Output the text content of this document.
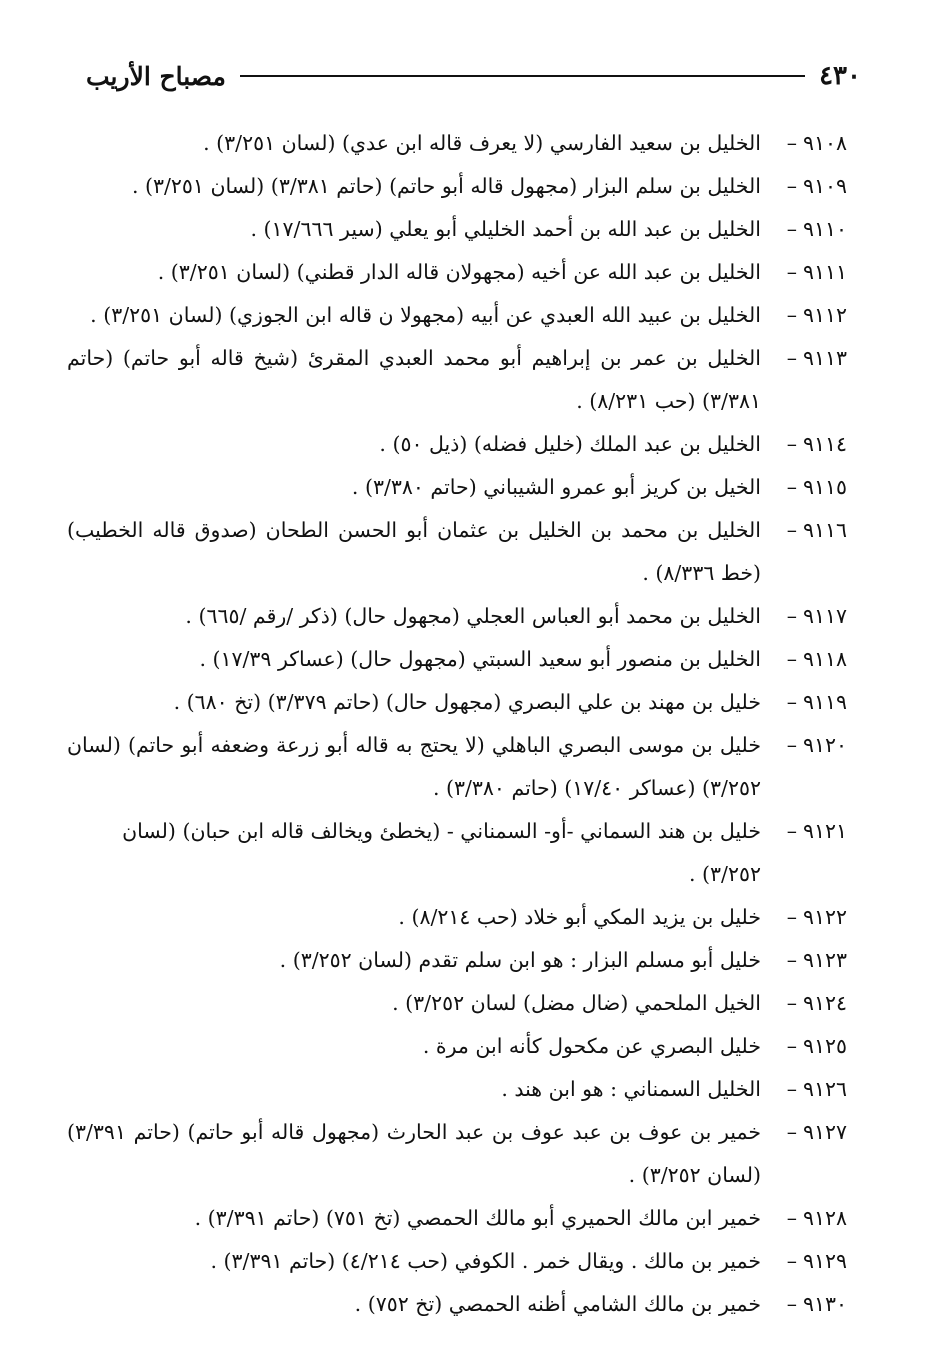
٤٣٠
مصباح الأريب
٩١٠٨–
الخليل بن سعيد الفارسي (لا يعرف قاله ابن عدي) (لسان ٣/٢٥١) .
٩١٠٩–
الخليل بن سلم البزار (مجهول قاله أبو حاتم) (حاتم ٣/٣٨١) (لسان ٣/٢٥١) .
٩١١٠–
الخليل بن عبد الله بن أحمد الخليلي أبو يعلي (سير ١٧/٦٦٦) .
٩١١١–
الخليل بن عبد الله عن أخيه (مجهولان قاله الدار قطني) (لسان ٣/٢٥١) .
٩١١٢–
الخليل بن عبيد الله العبدي عن أبيه (مجهولا ن قاله ابن الجوزي) (لسان ٣/٢٥١) .
٩١١٣–
الخليل بن عمر بن إبراهيم أبو محمد العبدي المقرئ (شيخ قاله أبو حاتم) (حاتم ٣/٣٨١) (حب ٨/٢٣١) .
٩١١٤–
الخليل بن عبد الملك (خليل فضله) (ذيل ٥٠) .
٩١١٥–
الخيل بن كريز أبو عمرو الشيباني (حاتم ٣/٣٨٠) .
٩١١٦–
الخليل بن محمد بن الخليل بن عثمان أبو الحسن الطحان (صدوق قاله الخطيب) (خط ٨/٣٣٦) .
٩١١٧–
الخليل بن محمد أبو العباس العجلي (مجهول حال) (ذكر /رقم /٦٦٥) .
٩١١٨–
الخليل بن منصور أبو سعيد السبتي (مجهول حال) (عساكر ١٧/٣٩) .
٩١١٩–
خليل بن مهند بن علي البصري (مجهول حال) (حاتم ٣/٣٧٩) (تخ ٦٨٠) .
٩١٢٠–
خليل بن موسى البصري الباهلي (لا يحتج به قاله أبو زرعة وضعفه أبو حاتم) (لسان ٣/٢٥٢) (عساكر ١٧/٤٠) (حاتم ٣/٣٨٠) .
٩١٢١–
خليل بن هند السماني -أو- السمناني - (يخطئ ويخالف قاله ابن حبان) (لسان ٣/٢٥٢) .
٩١٢٢–
خليل بن يزيد المكي أبو خلاد (حب ٨/٢١٤) .
٩١٢٣–
خليل أبو مسلم البزار : هو ابن سلم تقدم (لسان ٣/٢٥٢) .
٩١٢٤–
الخيل الملحمي (ضال مضل) لسان ٣/٢٥٢) .
٩١٢٥–
خليل البصري عن مكحول كأنه ابن مرة .
٩١٢٦–
الخليل السمناني : هو ابن هند .
٩١٢٧–
خمير بن عوف بن عبد عوف بن عبد الحارث (مجهول قاله أبو حاتم) (حاتم ٣/٣٩١) (لسان ٣/٢٥٢) .
٩١٢٨–
خمير ابن مالك الحميري أبو مالك الحمصي (تخ ٧٥١) (حاتم ٣/٣٩١) .
٩١٢٩–
خمير بن مالك . ويقال خمر . الكوفي (حب ٤/٢١٤) (حاتم ٣/٣٩١) .
٩١٣٠–
خمير بن مالك الشامي أظنه الحمصي (تخ ٧٥٢) .
